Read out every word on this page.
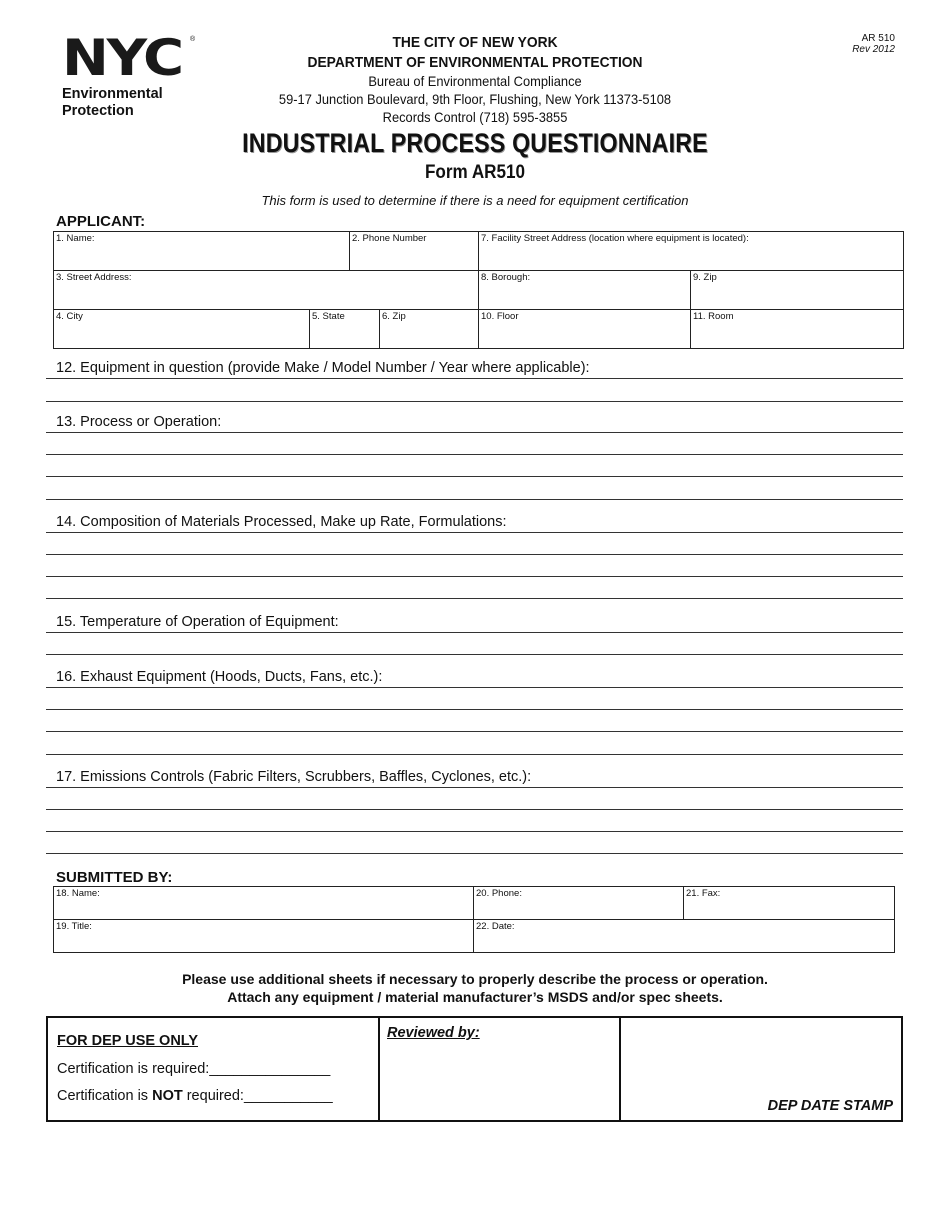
NYC	®
Environmental
Protection
AR 510
Rev 2012
THE CITY OF NEW YORK
DEPARTMENT OF ENVIRONMENTAL PROTECTION
Bureau of Environmental Compliance
59-17 Junction Boulevard, 9th Floor, Flushing, New York 11373-5108
Records Control (718) 595-3855
INDUSTRIAL PROCESS QUESTIONNAIRE
Form AR510
This form is used to determine if there is a need for equipment certification
APPLICANT:
1. Name:	2. Phone Number	7. Facility Street Address (location where equipment is located):
3. Street Address:	8. Borough:	9. Zip
4. City	5. State	6. Zip	10. Floor	11. Room
12. Equipment in question (provide Make / Model Number / Year where applicable):
13. Process or Operation:
14. Composition of Materials Processed, Make up Rate, Formulations:
15. Temperature of Operation of Equipment:
16. Exhaust Equipment (Hoods, Ducts, Fans, etc.):
17. Emissions Controls (Fabric Filters, Scrubbers, Baffles, Cyclones, etc.):
SUBMITTED BY:
18. Name:	20. Phone:	21. Fax:
19. Title:	22. Date:
Please use additional sheets if necessary to properly describe the process or operation.
Attach any equipment / material manufacturer’s MSDS and/or spec sheets.
FOR DEP USE ONLY
Certification is required:_______________
Certification is NOT required:___________
Reviewed by:
DEP DATE STAMP
